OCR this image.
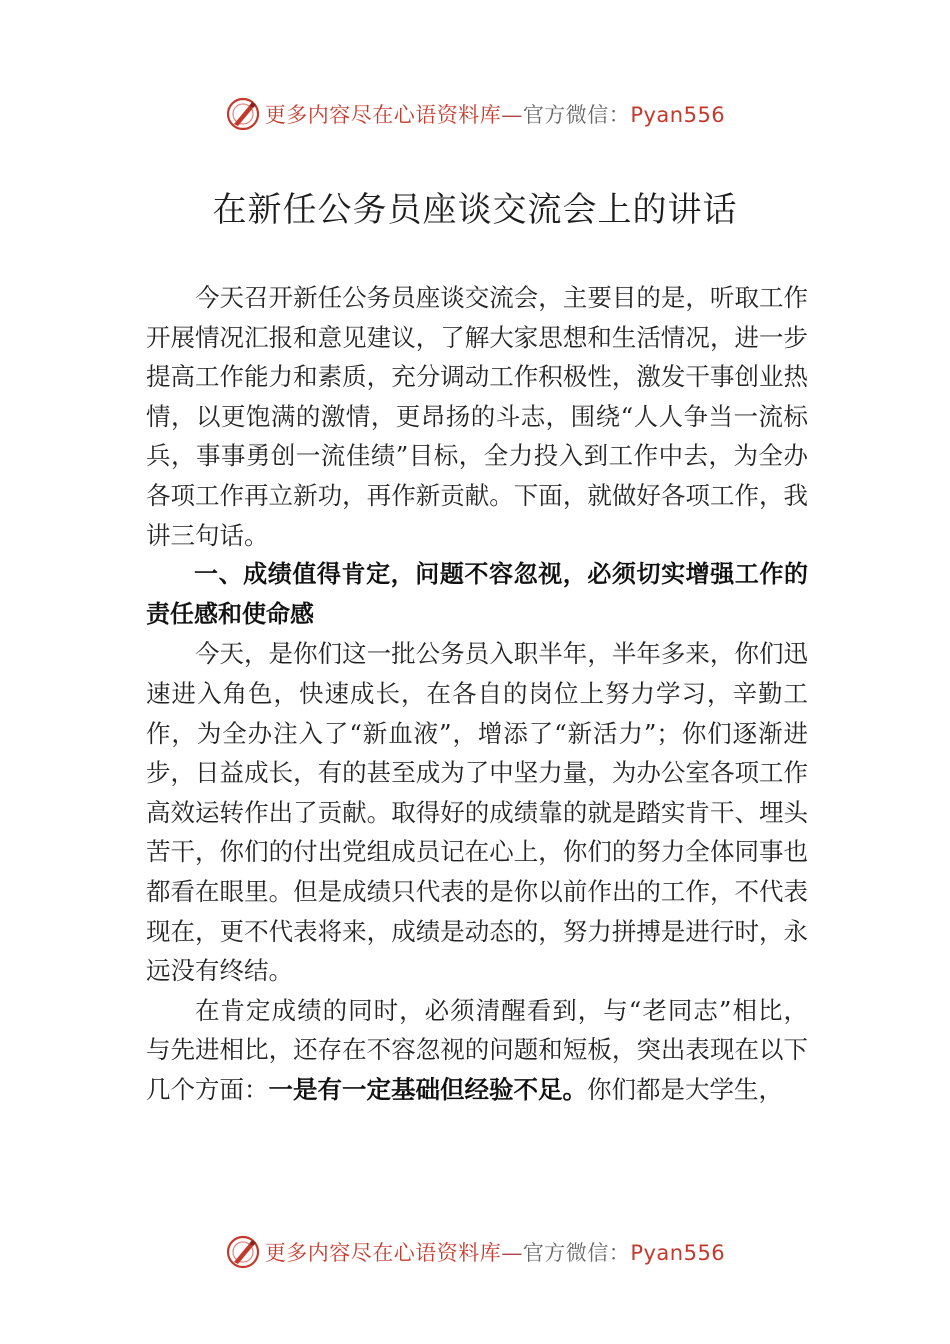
更多内容尽在心语资料库—官方微信：Pyan556
在新任公务员座谈交流会上的讲话

今天召开新任公务员座谈交流会，主要目的是，听取工作开展情况汇报和意见建议，了解大家思想和生活情况，进一步提高工作能力和素质，充分调动工作积极性，激发干事创业热情，以更饱满的激情，更昂扬的斗志，围绕“人人争当一流标兵，事事勇创一流佳绩”目标，全力投入到工作中去，为全办各项工作再立新功，再作新贡献。下面，就做好各项工作，我讲三句话。

一、成绩值得肯定，问题不容忽视，必须切实增强工作的责任感和使命感

今天，是你们这一批公务员入职半年，半年多来，你们迅速进入角色，快速成长，在各自的岗位上努力学习，辛勤工作，为全办注入了“新血液”，增添了“新活力”；你们逐渐进步，日益成长，有的甚至成为了中坚力量，为办公室各项工作高效运转作出了贡献。取得好的成绩靠的就是踏实肯干、埋头苦干，你们的付出党组成员记在心上，你们的努力全体同事也都看在眼里。但是成绩只代表的是你以前作出的工作，不代表现在，更不代表将来，成绩是动态的，努力拼搏是进行时，永远没有终结。

在肯定成绩的同时，必须清醒看到，与“老同志”相比，与先进相比，还存在不容忽视的问题和短板，突出表现在以下几个方面：一是有一定基础但经验不足。你们都是大学生，

更多内容尽在心语资料库—官方微信：Pyan556
